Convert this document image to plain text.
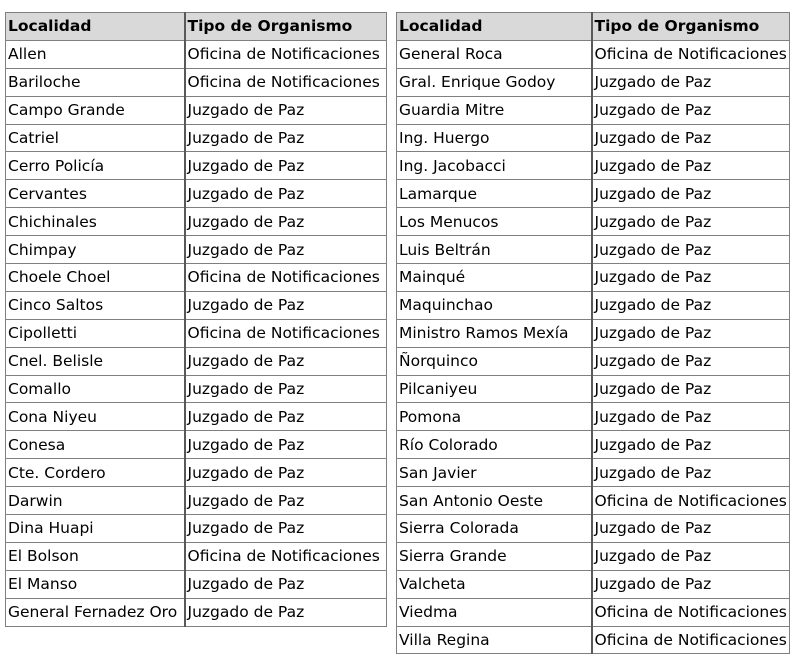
Localidad	Tipo de Organismo
Allen	Oficina de Notificaciones
Bariloche	Oficina de Notificaciones
Campo Grande	Juzgado de Paz
Catriel	Juzgado de Paz
Cerro Policía	Juzgado de Paz
Cervantes	Juzgado de Paz
Chichinales	Juzgado de Paz
Chimpay	Juzgado de Paz
Choele Choel	Oficina de Notificaciones
Cinco Saltos	Juzgado de Paz
Cipolletti	Oficina de Notificaciones
Cnel. Belisle	Juzgado de Paz
Comallo	Juzgado de Paz
Cona Niyeu	Juzgado de Paz
Conesa	Juzgado de Paz
Cte. Cordero	Juzgado de Paz
Darwin	Juzgado de Paz
Dina Huapi	Juzgado de Paz
El Bolson	Oficina de Notificaciones
El Manso	Juzgado de Paz
General Fernadez Oro	Juzgado de Paz
Localidad	Tipo de Organismo
General Roca	Oficina de Notificaciones
Gral. Enrique Godoy	Juzgado de Paz
Guardia Mitre	Juzgado de Paz
Ing. Huergo	Juzgado de Paz
Ing. Jacobacci	Juzgado de Paz
Lamarque	Juzgado de Paz
Los Menucos	Juzgado de Paz
Luis Beltrán	Juzgado de Paz
Mainqué	Juzgado de Paz
Maquinchao	Juzgado de Paz
Ministro Ramos Mexía	Juzgado de Paz
Ñorquinco	Juzgado de Paz
Pilcaniyeu	Juzgado de Paz
Pomona	Juzgado de Paz
Río Colorado	Juzgado de Paz
San Javier	Juzgado de Paz
San Antonio Oeste	Oficina de Notificaciones
Sierra Colorada	Juzgado de Paz
Sierra Grande	Juzgado de Paz
Valcheta	Juzgado de Paz
Viedma	Oficina de Notificaciones
Villa Regina	Oficina de Notificaciones
